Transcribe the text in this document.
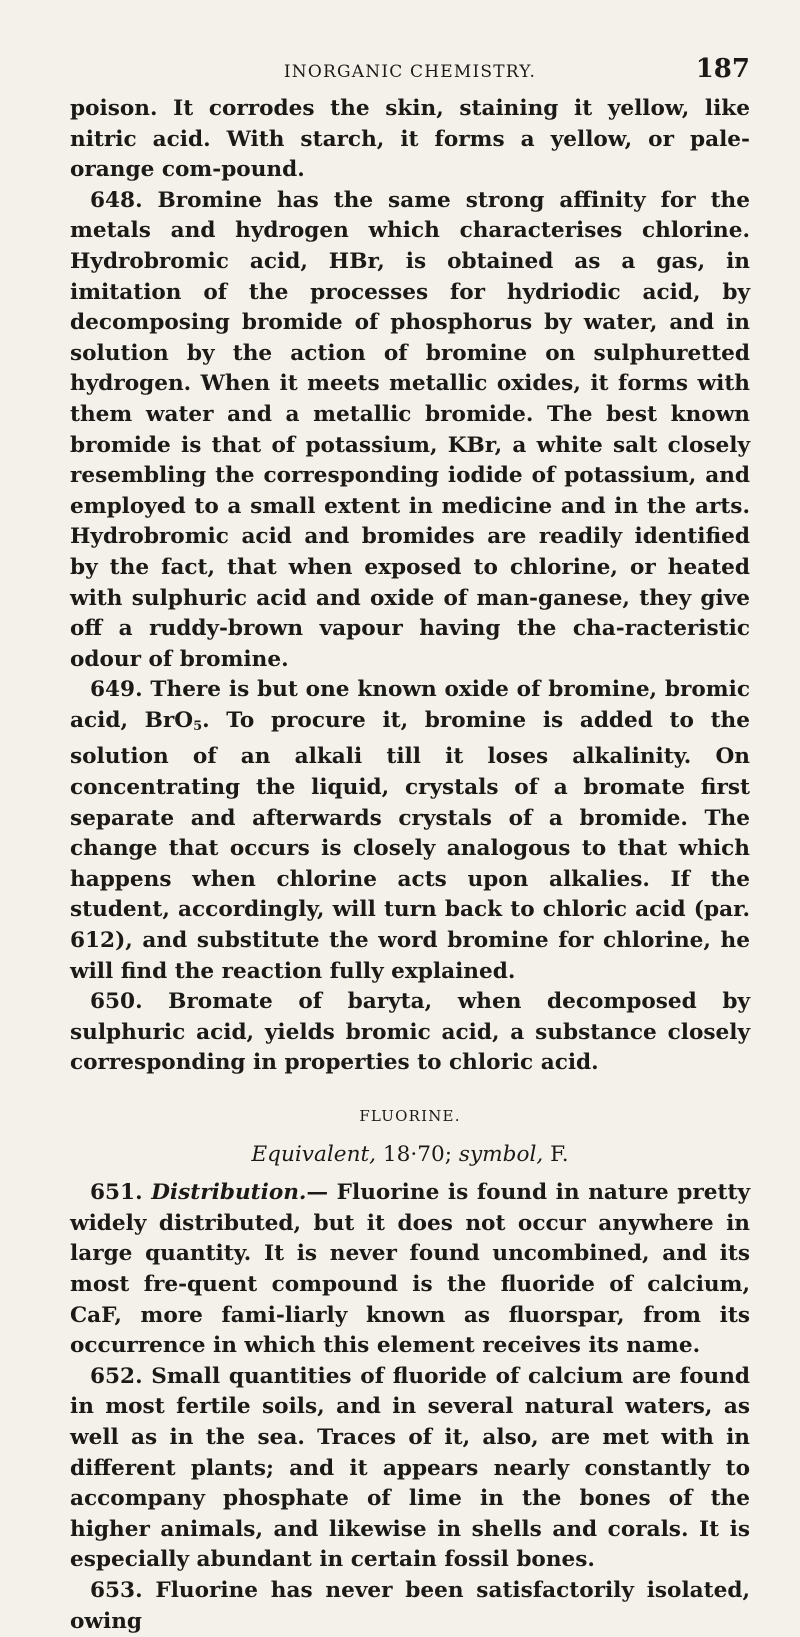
INORGANIC CHEMISTRY.	187

poison. It corrodes the skin, staining it yellow, like nitric acid. With starch, it forms a yellow, or pale-orange com-pound.

648. Bromine has the same strong affinity for the metals and hydrogen which characterises chlorine. Hydrobromic acid, HBr, is obtained as a gas, in imitation of the processes for hydriodic acid, by decomposing bromide of phosphorus by water, and in solution by the action of bromine on sulphuretted hydrogen. When it meets metallic oxides, it forms with them water and a metallic bromide. The best known bromide is that of potassium, KBr, a white salt closely resembling the corresponding iodide of potassium, and employed to a small extent in medicine and in the arts. Hydrobromic acid and bromides are readily identified by the fact, that when exposed to chlorine, or heated with sulphuric acid and oxide of man-ganese, they give off a ruddy-brown vapour having the cha-racteristic odour of bromine.

649. There is but one known oxide of bromine, bromic acid, BrO$_5$. To procure it, bromine is added to the solution of an alkali till it loses alkalinity. On concentrating the liquid, crystals of a bromate first separate and afterwards crystals of a bromide. The change that occurs is closely analogous to that which happens when chlorine acts upon alkalies. If the student, accordingly, will turn back to chloric acid (par. 612), and substitute the word bromine for chlorine, he will find the reaction fully explained.

650. Bromate of baryta, when decomposed by sulphuric acid, yields bromic acid, a substance closely corresponding in properties to chloric acid.

FLUORINE.
Equivalent, 18·70; symbol, F.

651. Distribution.— Fluorine is found in nature pretty widely distributed, but it does not occur anywhere in large quantity. It is never found uncombined, and its most fre-quent compound is the fluoride of calcium, CaF, more fami-liarly known as fluorspar, from its occurrence in which this element receives its name.

652. Small quantities of fluoride of calcium are found in most fertile soils, and in several natural waters, as well as in the sea. Traces of it, also, are met with in different plants; and it appears nearly constantly to accompany phosphate of lime in the bones of the higher animals, and likewise in shells and corals. It is especially abundant in certain fossil bones.

653. Fluorine has never been satisfactorily isolated, owing
